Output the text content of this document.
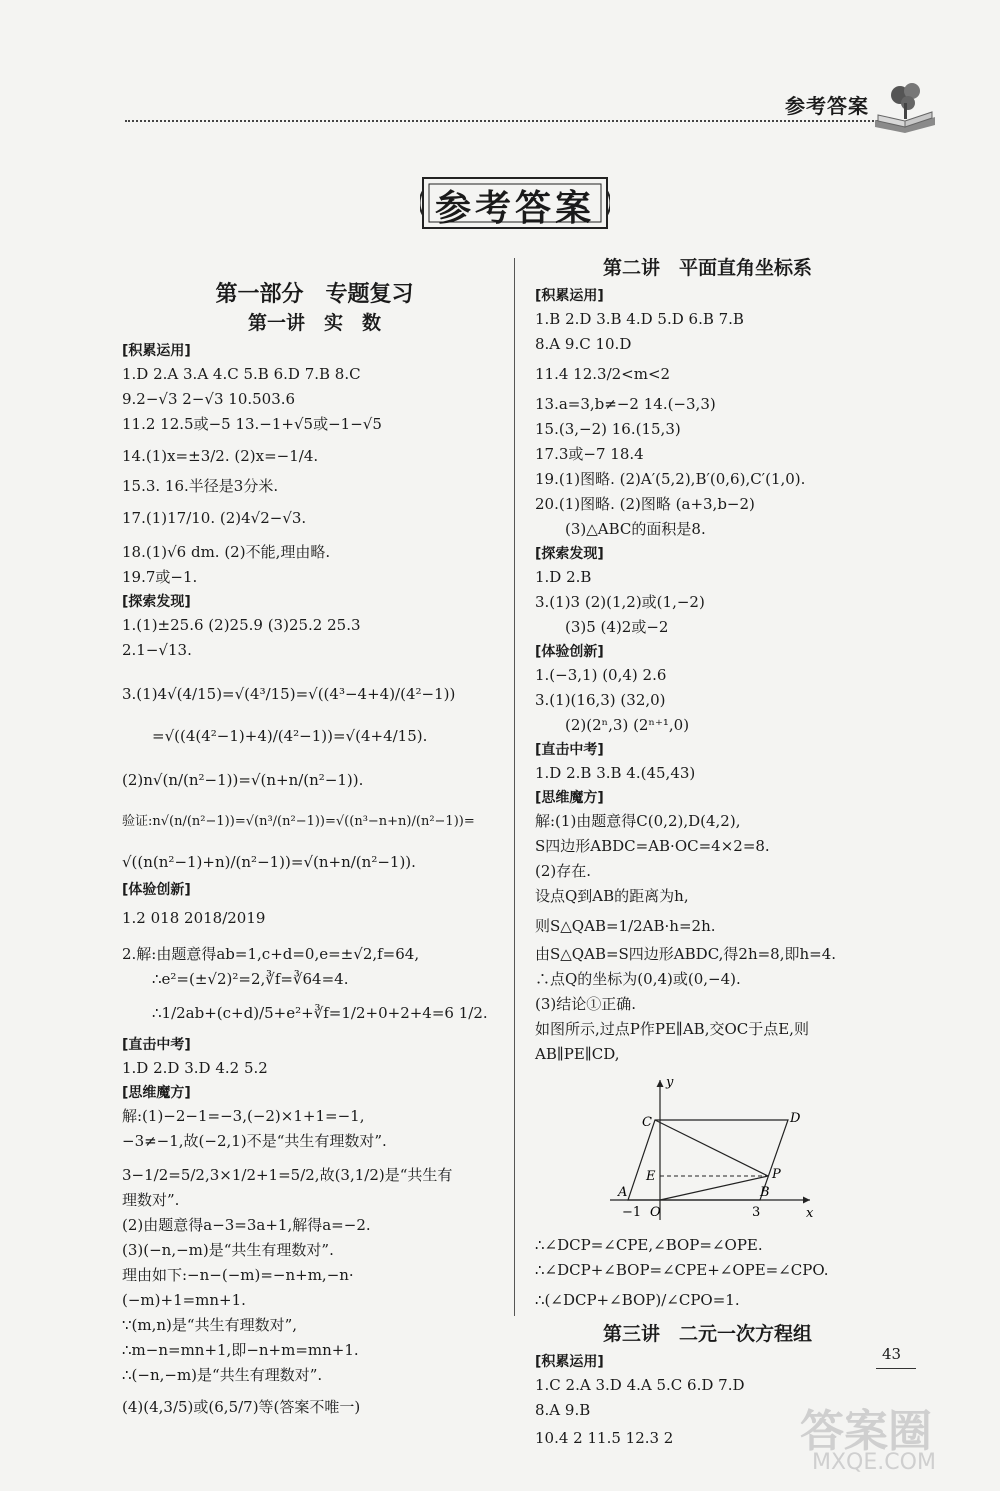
参考答案
参考答案
第一部分　专题复习
第一讲　实　数
[积累运用]
1.D 2.A 3.A 4.C 5.B 6.D 7.B 8.C
9.2−√3 2−√3 10.503.6
11.2 12.5或−5 13.−1+√5或−1−√5
14.(1)x=±3/2. (2)x=−1/4.
15.3. 16.半径是3分米.
17.(1)17/10. (2)4√2−√3.
18.(1)√6 dm. (2)不能,理由略.
19.7或−1.
[探索发现]
1.(1)±25.6 (2)25.9 (3)25.2 25.3
2.1−√13.
3.(1)4√(4/15)=√(4³/15)=√((4³−4+4)/(4²−1))
=√((4(4²−1)+4)/(4²−1))=√(4+4/15).
(2)n√(n/(n²−1))=√(n+n/(n²−1)).
验证:n√(n/(n²−1))=√(n³/(n²−1))=√((n³−n+n)/(n²−1))=
√((n(n²−1)+n)/(n²−1))=√(n+n/(n²−1)).
[体验创新]
1.2 018 2018/2019
2.解:由题意得ab=1,c+d=0,e=±√2,f=64,
∴e²=(±√2)²=2,∛f=∛64=4.
∴1/2ab+(c+d)/5+e²+∛f=1/2+0+2+4=6 1/2.
[直击中考]
1.D 2.D 3.D 4.2 5.2
[思维魔方]
解:(1)−2−1=−3,(−2)×1+1=−1,
−3≠−1,故(−2,1)不是“共生有理数对”.
3−1/2=5/2,3×1/2+1=5/2,故(3,1/2)是“共生有
理数对”.
(2)由题意得a−3=3a+1,解得a=−2.
(3)(−n,−m)是“共生有理数对”.
理由如下:−n−(−m)=−n+m,−n·
(−m)+1=mn+1.
∵(m,n)是“共生有理数对”,
∴m−n=mn+1,即−n+m=mn+1.
∴(−n,−m)是“共生有理数对”.
(4)(4,3/5)或(6,5/7)等(答案不唯一)
第二讲　平面直角坐标系
[积累运用]
1.B 2.D 3.B 4.D 5.D 6.B 7.B
8.A 9.C 10.D
11.4 12.3/2<m<2
13.a=3,b≠−2 14.(−3,3)
15.(3,−2) 16.(15,3)
17.3或−7 18.4
19.(1)图略. (2)A′(5,2),B′(0,6),C′(1,0).
20.(1)图略. (2)图略 (a+3,b−2)
(3)△ABC的面积是8.
[探索发现]
1.D 2.B
3.(1)3 (2)(1,2)或(1,−2)
(3)5 (4)2或−2
[体验创新]
1.(−3,1) (0,4) 2.6
3.(1)(16,3) (32,0)
(2)(2ⁿ,3) (2ⁿ⁺¹,0)
[直击中考]
1.D 2.B 3.B 4.(45,43)
[思维魔方]
解:(1)由题意得C(0,2),D(4,2),
S四边形ABDC=AB·OC=4×2=8.
(2)存在.
设点Q到AB的距离为h,
则S△QAB=1/2AB·h=2h.
由S△QAB=S四边形ABDC,得2h=8,即h=4.
∴点Q的坐标为(0,4)或(0,−4).
(3)结论①正确.
如图所示,过点P作PE∥AB,交OC于点E,则
AB∥PE∥CD,
y
x
C	D
E	P
A	B
O
−1	3
∴∠DCP=∠CPE,∠BOP=∠OPE.
∴∠DCP+∠BOP=∠CPE+∠OPE=∠CPO.
∴(∠DCP+∠BOP)/∠CPO=1.
第三讲　二元一次方程组
[积累运用]
1.C 2.A 3.D 4.A 5.C 6.D 7.D
8.A 9.B
10.4 2 11.5 12.3 2
43
答案圈
MXQE.COM
